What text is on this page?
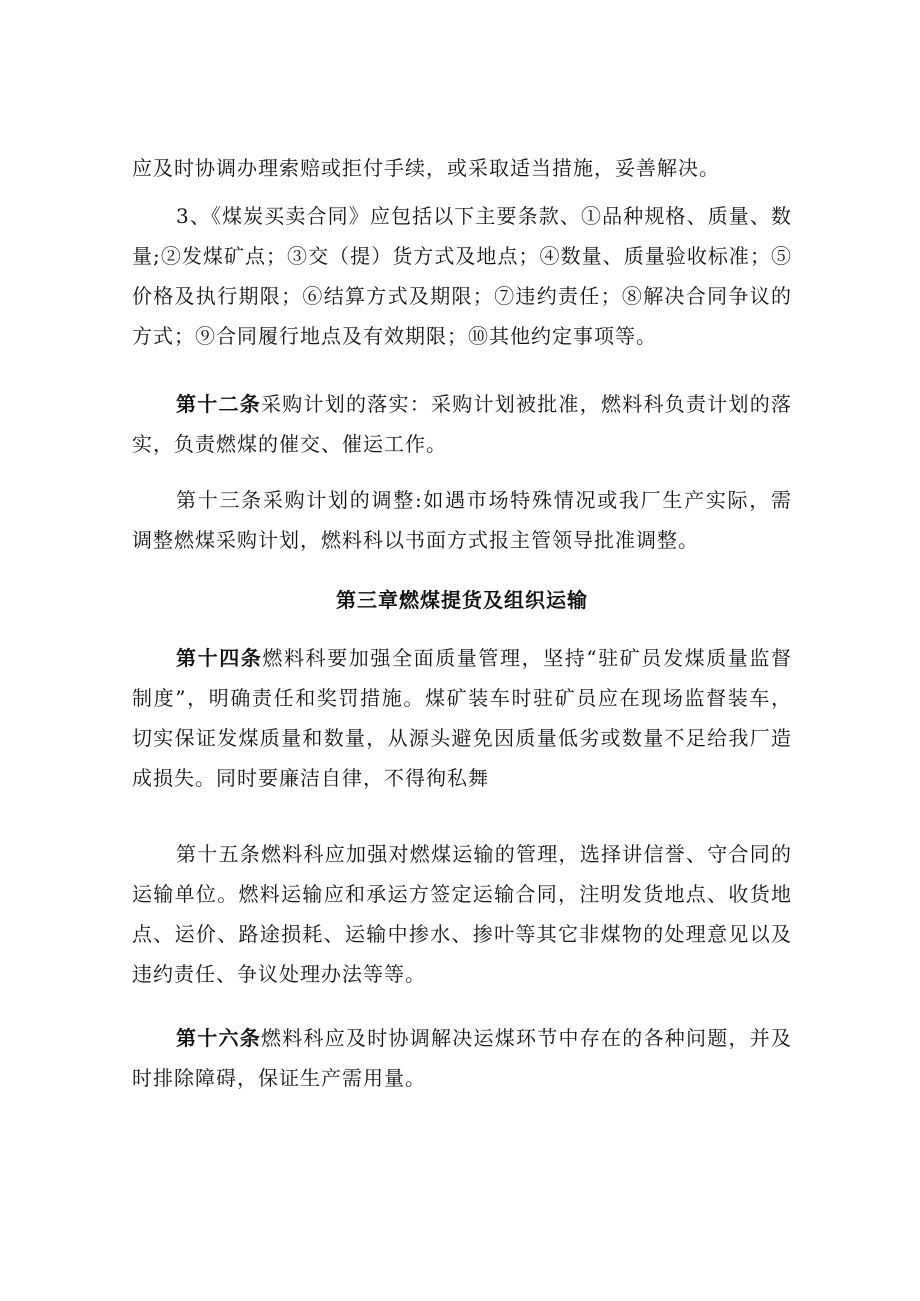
应及时协调办理索赔或拒付手续，或采取适当措施，妥善解决。

3、《煤炭买卖合同》应包括以下主要条款、①品种规格、质量、数量;②发煤矿点；③交（提）货方式及地点；④数量、质量验收标准；⑤价格及执行期限；⑥结算方式及期限；⑦违约责任；⑧解决合同争议的方式；⑨合同履行地点及有效期限；⑩其他约定事项等。

第十二条采购计划的落实：采购计划被批准，燃料科负责计划的落实，负责燃煤的催交、催运工作。

第十三条采购计划的调整:如遇市场特殊情况或我厂生产实际，需调整燃煤采购计划，燃料科以书面方式报主管领导批准调整。

第三章燃煤提货及组织运输

第十四条燃料科要加强全面质量管理，坚持“驻矿员发煤质量监督制度”，明确责任和奖罚措施。煤矿装车时驻矿员应在现场监督装车，切实保证发煤质量和数量，从源头避免因质量低劣或数量不足给我厂造成损失。同时要廉洁自律，不得徇私舞

第十五条燃料科应加强对燃煤运输的管理，选择讲信誉、守合同的运输单位。燃料运输应和承运方签定运输合同，注明发货地点、收货地点、运价、路途损耗、运输中掺水、掺叶等其它非煤物的处理意见以及违约责任、争议处理办法等等。

第十六条燃料科应及时协调解决运煤环节中存在的各种问题，并及时排除障碍，保证生产需用量。
